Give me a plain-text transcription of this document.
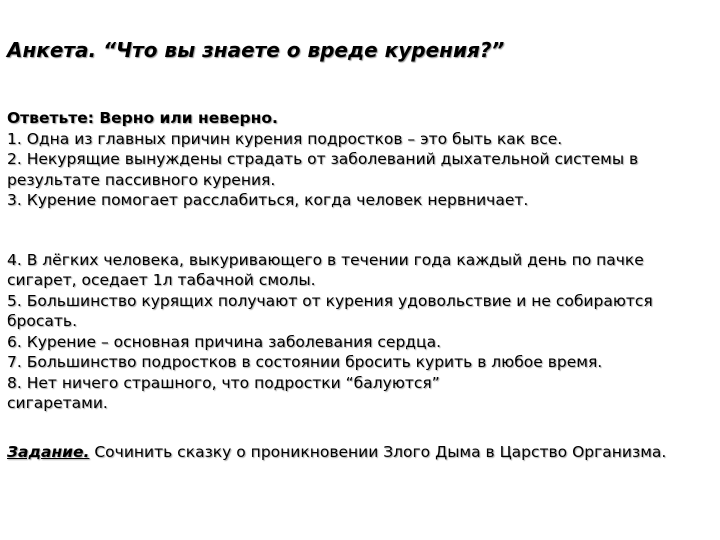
Анкета. “Что вы знаете о вреде курения?”
Ответьте: Верно или неверно.
1. Одна из главных причин курения подростков – это быть как все.
2. Некурящие вынуждены страдать от заболеваний дыхательной системы в
результате пассивного курения.
3. Курение помогает расслабиться, когда человек нервничает.
4. В лёгких человека, выкуривающего в течении года каждый день по пачке
сигарет, оседает 1л табачной смолы.
5. Большинство курящих получают от курения удовольствие и не собираются
бросать.
6. Курение – основная причина заболевания сердца.
7. Большинство подростков в состоянии бросить курить в любое время.
8. Нет ничего страшного, что подростки “балуются”
сигаретами.
Задание. Сочинить сказку о проникновении Злого Дыма в Царство Организма.
